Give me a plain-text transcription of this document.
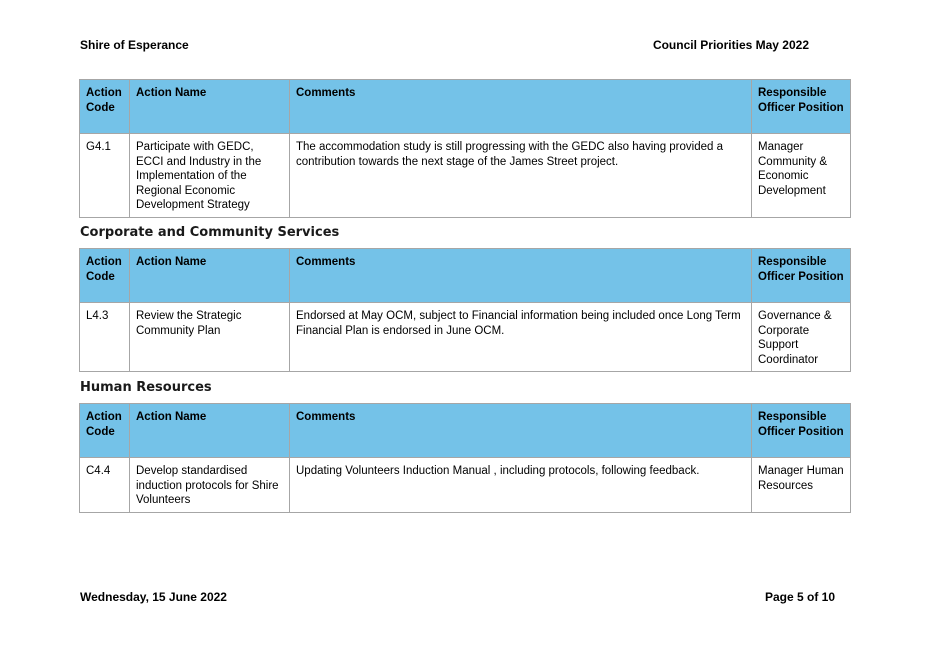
Shire of Esperance	Council Priorities May 2022
Action Code	Action Name	Comments	Responsible Officer Position
G4.1	Participate with GEDC, ECCI and Industry in the Implementation of the Regional Economic Development Strategy	The accommodation study is still progressing with the GEDC also having provided a contribution towards the next stage of the James Street project.	Manager Community & Economic Development
Corporate and Community Services
Action Code	Action Name	Comments	Responsible Officer Position
L4.3	Review the Strategic Community Plan	Endorsed at May OCM, subject to Financial information being included once Long Term Financial Plan is endorsed in June OCM.	Governance & Corporate Support Coordinator
Human Resources
Action Code	Action Name	Comments	Responsible Officer Position
C4.4	Develop standardised induction protocols for Shire Volunteers	Updating Volunteers Induction Manual , including protocols, following feedback.	Manager Human Resources
Wednesday, 15 June 2022	Page 5 of 10
